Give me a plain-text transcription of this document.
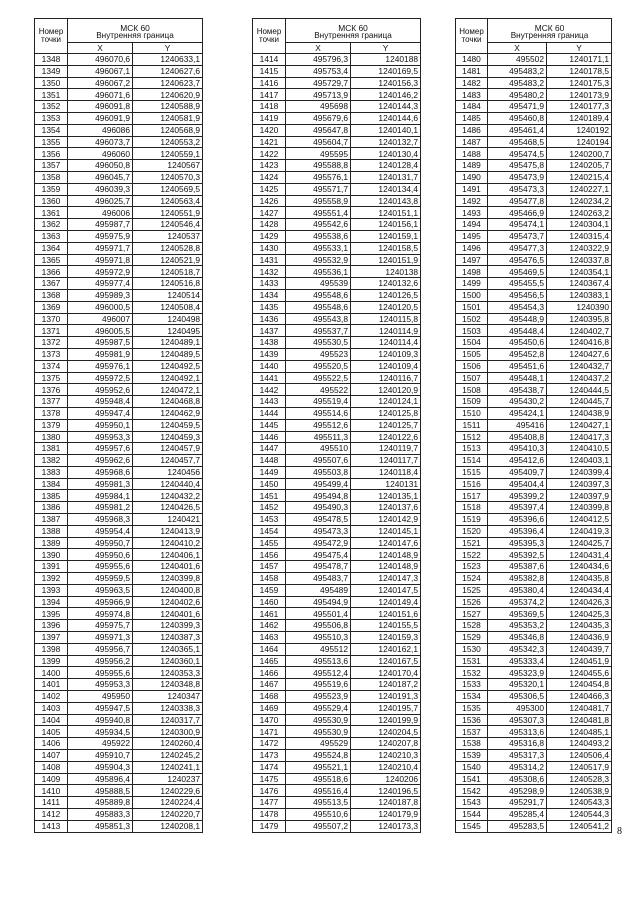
Номер
точки	МСК 60	
	Внутренняя граница	
	X	Y
1348	496070,6	1240633,1
1349	496067,1	1240627,6
1350	496067,2	1240623,7
1351	496071,6	1240620,9
1352	496091,8	1240588,9
1353	496091,9	1240581,9
1354	496086	1240568,9
1355	496073,7	1240553,2
1356	496060	1240559,1
1357	496050,8	1240567
1358	496045,7	1240570,3
1359	496039,3	1240569,5
1360	496025,7	1240563,4
1361	496006	1240551,9
1362	495987,7	1240546,4
1363	495975,9	1240537
1364	495971,7	1240528,8
1365	495971,8	1240521,9
1366	495972,9	1240518,7
1367	495977,4	1240516,8
1368	495989,3	1240514
1369	496000,5	1240508,4
1370	496007	1240498
1371	496005,5	1240495
1372	495987,5	1240489,1
1373	495981,9	1240489,5
1374	495976,1	1240492,5
1375	495972,5	1240492,1
1376	495952,6	1240472,1
1377	495948,4	1240468,8
1378	495947,4	1240462,9
1379	495950,1	1240459,5
1380	495953,3	1240459,3
1381	495957,6	1240457,9
1382	495962,6	1240457,7
1383	495968,6	1240456
1384	495981,3	1240440,4
1385	495984,1	1240432,2
1386	495981,2	1240426,5
1387	495968,3	1240421
1388	495954,4	1240413,9
1389	495950,7	1240410,2
1390	495950,6	1240406,1
1391	495955,6	1240401,6
1392	495959,5	1240399,8
1393	495963,5	1240400,8
1394	495966,9	1240402,6
1395	495974,8	1240401,6
1396	495975,7	1240399,3
1397	495971,3	1240387,3
1398	495956,7	1240365,1
1399	495956,2	1240360,1
1400	495955,6	1240353,3
1401	495953,3	1240348,8
1402	495950	1240347
1403	495947,5	1240338,3
1404	495940,8	1240317,7
1405	495934,5	1240300,9
1406	495922	1240260,4
1407	495910,7	1240245,2
1408	495904,3	1240241,1
1409	495896,4	1240237
1410	495888,5	1240229,6
1411	495889,8	1240224,4
1412	495883,3	1240220,7
1413	495851,3	1240208,1
Номер
точки	МСК 60	
	Внутренняя граница	
	X	Y
1414	495796,3	1240188
1415	495753,4	1240169,5
1416	495729,7	1240156,3
1417	495713,9	1240146,2
1418	495698	1240144,3
1419	495679,6	1240144,6
1420	495647,8	1240140,1
1421	495604,7	1240132,7
1422	495595	1240130,4
1423	495588,8	1240128,4
1424	495576,1	1240131,7
1425	495571,7	1240134,4
1426	495558,9	1240143,8
1427	495551,4	1240151,1
1428	495542,6	1240156,1
1429	495538,6	1240159,1
1430	495533,1	1240158,5
1431	495532,9	1240151,9
1432	495536,1	1240138
1433	495539	1240132,6
1434	495548,6	1240126,5
1435	495548,6	1240120,5
1436	495543,8	1240115,8
1437	495537,7	1240114,9
1438	495530,5	1240114,4
1439	495523	1240109,3
1440	495520,5	1240109,4
1441	495522,5	1240116,7
1442	495522	1240120,9
1443	495519,4	1240124,1
1444	495514,6	1240125,8
1445	495512,6	1240125,7
1446	495511,3	1240122,6
1447	495510	1240119,7
1448	495507,6	1240117,7
1449	495503,8	1240118,4
1450	495499,4	1240131
1451	495494,8	1240135,1
1452	495490,3	1240137,6
1453	495478,5	1240142,9
1454	495473,3	1240145,1
1455	495472,9	1240147,6
1456	495475,4	1240148,9
1457	495478,7	1240148,9
1458	495483,7	1240147,3
1459	495489	1240147,5
1460	495494,9	1240149,4
1461	495501,4	1240151,6
1462	495506,8	1240155,5
1463	495510,3	1240159,3
1464	495512	1240162,1
1465	495513,6	1240167,5
1466	495512,4	1240170,4
1467	495519,6	1240187,2
1468	495523,9	1240191,3
1469	495529,4	1240195,7
1470	495530,9	1240199,9
1471	495530,9	1240204,5
1472	495529	1240207,8
1473	495524,8	1240210,3
1474	495521,1	1240210,4
1475	495518,6	1240206
1476	495516,4	1240196,5
1477	495513,5	1240187,8
1478	495510,6	1240179,9
1479	495507,2	1240173,3
Номер
точки	МСК 60	
	Внутренняя граница	
	X	Y
1480	495502	1240171,1
1481	495483,2	1240178,5
1482	495483,2	1240175,3
1483	495480,2	1240173,9
1484	495471,9	1240177,3
1485	495460,8	1240189,4
1486	495461,4	1240192
1487	495468,5	1240194
1488	495474,5	1240200,7
1489	495475,8	1240205,7
1490	495473,9	1240215,4
1491	495473,3	1240227,1
1492	495477,8	1240234,2
1493	495466,9	1240263,2
1494	495474,1	1240304,1
1495	495473,7	1240315,4
1496	495477,3	1240322,9
1497	495476,5	1240337,8
1498	495469,5	1240354,1
1499	495455,5	1240367,4
1500	495456,5	1240383,1
1501	495454,3	1240390
1502	495448,9	1240395,8
1503	495448,4	1240402,7
1504	495450,6	1240416,8
1505	495452,8	1240427,6
1506	495451,6	1240432,7
1507	495448,1	1240437,2
1508	495438,7	1240444,5
1509	495430,2	1240445,7
1510	495424,1	1240438,9
1511	495416	1240427,1
1512	495408,8	1240417,3
1513	495410,3	1240410,5
1514	495412,6	1240403,1
1515	495409,7	1240399,4
1516	495404,4	1240397,3
1517	495399,2	1240397,9
1518	495397,4	1240399,8
1519	495396,6	1240412,5
1520	495396,4	1240419,3
1521	495395,3	1240425,7
1522	495392,5	1240431,4
1523	495387,6	1240434,6
1524	495382,8	1240435,8
1525	495380,4	1240434,4
1526	495374,2	1240426,3
1527	495369,5	1240425,3
1528	495353,2	1240435,3
1529	495346,8	1240436,9
1530	495342,3	1240439,7
1531	495333,4	1240451,9
1532	495323,9	1240455,6
1533	495320,1	1240454,8
1534	495306,5	1240466,3
1535	495300	1240481,7
1536	495307,3	1240481,8
1537	495313,6	1240485,1
1538	495316,8	1240493,2
1539	495317,3	1240506,4
1540	495314,2	1240517,9
1541	495308,6	1240528,3
1542	495298,9	1240538,9
1543	495291,7	1240543,3
1544	495285,4	1240544,3
1545	495283,5	1240541,2
8
